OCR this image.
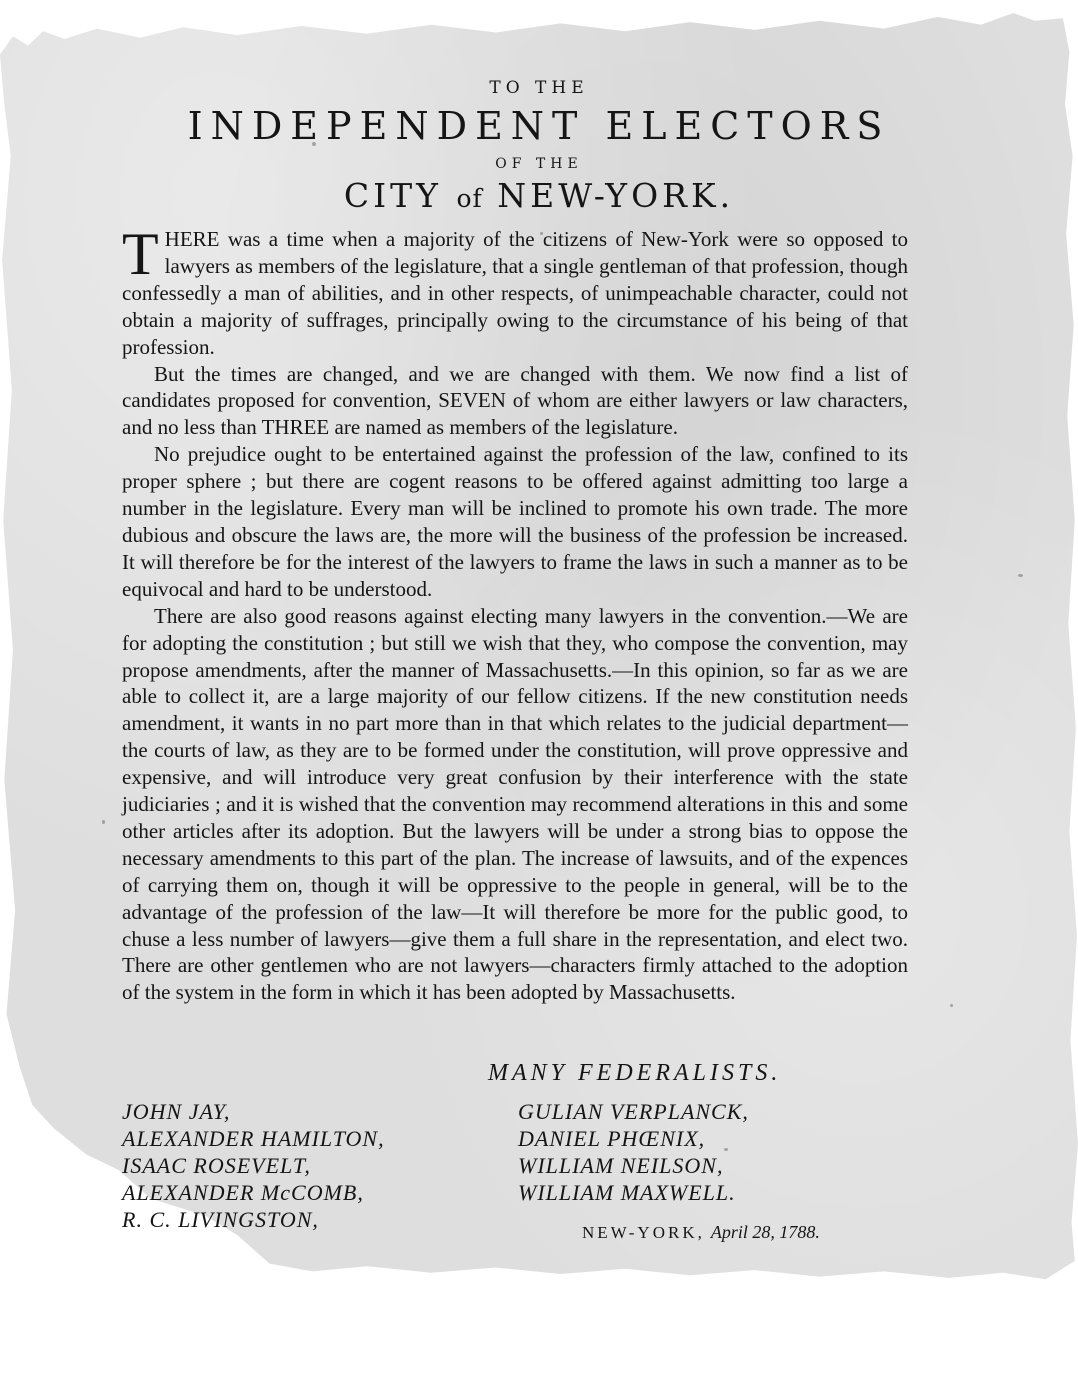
TO THE
INDEPENDENT ELECTORS
OF THE
CITY of NEW-YORK.

THERE was a time when a majority of the citizens of New-York were so opposed to lawyers as members of the legislature, that a single gentleman of that profession, though confessedly a man of abilities, and in other respects, of unimpeachable character, could not obtain a majority of suffrages, principally owing to the circumstance of his being of that profession.

But the times are changed, and we are changed with them. We now find a list of candidates proposed for convention, SEVEN of whom are either lawyers or law characters, and no less than THREE are named as members of the legislature.

No prejudice ought to be entertained against the profession of the law, confined to its proper sphere ; but there are cogent reasons to be offered against admitting too large a number in the legislature. Every man will be inclined to promote his own trade. The more dubious and obscure the laws are, the more will the business of the profession be increased. It will therefore be for the interest of the lawyers to frame the laws in such a manner as to be equivocal and hard to be understood.

There are also good reasons against electing many lawyers in the convention.—We are for adopting the constitution ; but still we wish that they, who compose the convention, may propose amendments, after the manner of Massachusetts.—In this opinion, so far as we are able to collect it, are a large majority of our fellow citizens. If the new constitution needs amendment, it wants in no part more than in that which relates to the judicial department—the courts of law, as they are to be formed under the constitution, will prove oppressive and expensive, and will introduce very great confusion by their interference with the state judiciaries ; and it is wished that the convention may recommend alterations in this and some other articles after its adoption. But the lawyers will be under a strong bias to oppose the necessary amendments to this part of the plan. The increase of lawsuits, and of the expences of carrying them on, though it will be oppressive to the people in general, will be to the advantage of the profession of the law—It will therefore be more for the public good, to chuse a less number of lawyers—give them a full share in the representation, and elect two. There are other gentlemen who are not lawyers—characters firmly attached to the adoption of the system in the form in which it has been adopted by Massachusetts.

MANY FEDERALISTS.
JOHN JAY,
ALEXANDER HAMILTON,
ISAAC ROSEVELT,
ALEXANDER McCOMB,
R. C. LIVINGSTON,
GULIAN VERPLANCK,
DANIEL PHŒNIX,
WILLIAM NEILSON,
WILLIAM MAXWELL.
NEW-YORK, April 28, 1788.
